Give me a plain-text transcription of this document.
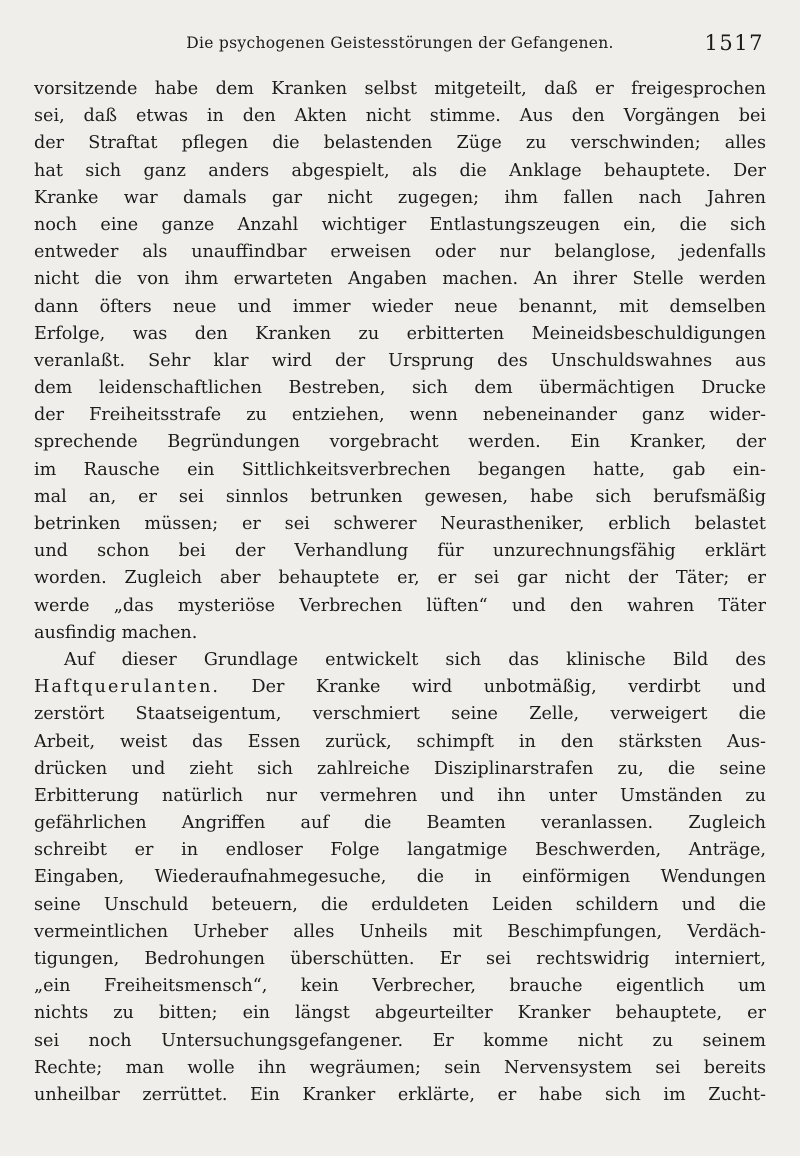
Die psychogenen Geistesstörungen der Gefangenen.	1517
vorsitzende habe dem Kranken selbst mitgeteilt, daß er freigesprochen
sei, daß etwas in den Akten nicht stimme. Aus den Vorgängen bei
der Straftat pflegen die belastenden Züge zu verschwinden; alles
hat sich ganz anders abgespielt, als die Anklage behauptete. Der
Kranke war damals gar nicht zugegen; ihm fallen nach Jahren
noch eine ganze Anzahl wichtiger Entlastungszeugen ein, die sich
entweder als unauffindbar erweisen oder nur belanglose, jedenfalls
nicht die von ihm erwarteten Angaben machen. An ihrer Stelle werden
dann öfters neue und immer wieder neue benannt, mit demselben
Erfolge, was den Kranken zu erbitterten Meineidsbeschuldigungen
veranlaßt. Sehr klar wird der Ursprung des Unschuldswahnes aus
dem leidenschaftlichen Bestreben, sich dem übermächtigen Drucke
der Freiheitsstrafe zu entziehen, wenn nebeneinander ganz wider-
sprechende Begründungen vorgebracht werden. Ein Kranker, der
im Rausche ein Sittlichkeitsverbrechen begangen hatte, gab ein-
mal an, er sei sinnlos betrunken gewesen, habe sich berufsmäßig
betrinken müssen; er sei schwerer Neurastheniker, erblich belastet
und schon bei der Verhandlung für unzurechnungsfähig erklärt
worden. Zugleich aber behauptete er, er sei gar nicht der Täter; er
werde „das mysteriöse Verbrechen lüften“ und den wahren Täter
ausfindig machen.
Auf dieser Grundlage entwickelt sich das klinische Bild des
Haftquerulanten. Der Kranke wird unbotmäßig, verdirbt und
zerstört Staatseigentum, verschmiert seine Zelle, verweigert die
Arbeit, weist das Essen zurück, schimpft in den stärksten Aus-
drücken und zieht sich zahlreiche Disziplinarstrafen zu, die seine
Erbitterung natürlich nur vermehren und ihn unter Umständen zu
gefährlichen Angriffen auf die Beamten veranlassen. Zugleich
schreibt er in endloser Folge langatmige Beschwerden, Anträge,
Eingaben, Wiederaufnahmegesuche, die in einförmigen Wendungen
seine Unschuld beteuern, die erduldeten Leiden schildern und die
vermeintlichen Urheber alles Unheils mit Beschimpfungen, Verdäch-
tigungen, Bedrohungen überschütten. Er sei rechtswidrig interniert,
„ein Freiheitsmensch“, kein Verbrecher, brauche eigentlich um
nichts zu bitten; ein längst abgeurteilter Kranker behauptete, er
sei noch Untersuchungsgefangener. Er komme nicht zu seinem
Rechte; man wolle ihn wegräumen; sein Nervensystem sei bereits
unheilbar zerrüttet. Ein Kranker erklärte, er habe sich im Zucht-
